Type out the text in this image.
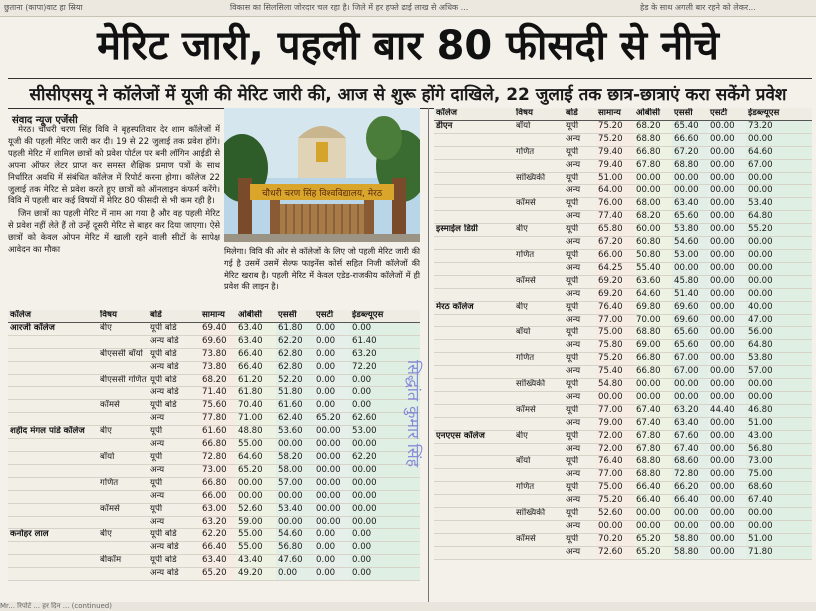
छुताना (कापा)वाट हा स्रिया	विकास का सिलसिला जोरदार चल रहा है। जिले में हर हफ्ते ढाई लाख से अधिक ...	हेड के साथ अगली बार रहने को लेकर...
मेरिट जारी, पहली बार 80 फीसदी से नीचे
सीसीएसयू ने कॉलेजों में यूजी की मेरिट जारी की, आज से शुरू होंगे दाखिले, 22 जुलाई तक छात्र-छात्राएं करा सकेंगे प्रवेश
संवाद न्यूज एजेंसी

मेरठ। चौधरी चरण सिंह विवि ने बृहस्पतिवार देर शाम कॉलेजों में यूजी की पहली मेरिट जारी कर दी। 19 से 22 जुलाई तक प्रवेश होंगे। पहली मेरिट में शामिल छात्रों को प्रवेश पोर्टल पर बनी लॉगिन आईडी से अपना ऑफर लेटर प्राप्त कर समस्त शैक्षिक प्रमाण पत्रों के साथ निर्धारित अवधि में संबंधित कॉलेज में रिपोर्ट करना होगा। कॉलेज 22 जुलाई तक मेरिट से प्रवेश करते हुए छात्रों को ऑनलाइन कंफर्म करेंगे। विवि में पहली बार कई विषयों में मेरिट 80 फीसदी से भी कम रही है।

जिन छात्रों का पहली मेरिट में नाम आ गया है और वह पहली मेरिट से प्रवेश नहीं लेते हैं तो उन्हें दूसरी मेरिट से बाहर कर दिया जाएगा। ऐसे छात्रों को केवल ओपन मेरिट में खाली रहने वाली सीटों के सापेक्ष आवेदन का मौका

चौधरी चरण सिंह विश्वविद्यालय, मेरठ
मिलेगा। विवि की ओर से कॉलेजों के लिए जो पहली मेरिट जारी की गई है उसमें उसमें सेल्फ फाइनेंस कोर्स सहित निजी कॉलेजों की मेरिट खराब है। पहली मेरिट में केवल एडेड-राजकीय कॉलेजों में ही प्रवेश की लाइन है।
कॉलेज	विषय	बोर्ड	सामान्य	ओबीसी	एससी	एसटी	ईडब्ल्यूएस
आरजी कॉलेज	बीए	यूपी बोर्ड	69.40	63.40	61.80	0.00	0.00
		अन्य बोर्ड	69.60	63.40	62.20	0.00	61.40
	बीएससी बॉयो	यूपी बोर्ड	73.80	66.40	62.80	0.00	63.20
		अन्य बोर्ड	73.80	66.40	62.80	0.00	72.20
	बीएससी गणित	यूपी बोर्ड	68.20	61.20	52.20	0.00	0.00
		अन्य बोर्ड	71.40	61.80	51.80	0.00	0.00
	कॉमर्स	यूपी बोर्ड	75.60	70.40	61.60	0.00	0.00
		अन्य	77.80	71.00	62.40	65.20	62.60
शहीद मंगल पांडे कॉलेज	बीए	यूपी	61.60	48.80	53.60	00.00	53.00
		अन्य	66.80	55.00	00.00	00.00	00.00
	बॉयो	यूपी	72.80	64.60	58.20	00.00	62.20
		अन्य	73.00	65.20	58.00	00.00	00.00
	गणित	यूपी	66.80	00.00	57.00	00.00	00.00
		अन्य	66.00	00.00	00.00	00.00	00.00
	कॉमर्स	यूपी	63.00	52.60	53.40	00.00	00.00
		अन्य	63.20	59.00	00.00	00.00	00.00
कनोहर लाल	बीए	यूपी बोर्ड	62.20	55.00	54.60	0.00	0.00
		अन्य बोर्ड	66.40	55.00	56.80	0.00	0.00
	बीकॉम	यूपी बोर्ड	63.40	43.40	47.60	0.00	0.00
		अन्य बोर्ड	65.20	49.20	0.00	0.00	0.00
कॉलेज	विषय	बोर्ड	सामान्य	ओबीसी	एससी	एसटी	ईडब्ल्यूएस
डीएन	बॉयो	यूपी	75.20	68.20	65.40	00.00	73.20
		अन्य	75.20	68.80	66.60	00.00	00.00
	गणित	यूपी	79.40	66.80	67.20	00.00	64.60
		अन्य	79.40	67.80	68.80	00.00	67.00
	सांख्यिकी	यूपी	51.00	00.00	00.00	00.00	00.00
		अन्य	64.00	00.00	00.00	00.00	00.00
	कॉमर्स	यूपी	76.00	68.00	63.40	00.00	53.40
		अन्य	77.40	68.20	65.60	00.00	64.80
इस्माईल डिग्री	बीए	यूपी	65.80	60.00	53.80	00.00	55.20
		अन्य	67.20	60.80	54.60	00.00	00.00
	गणित	यूपी	66.00	50.80	53.00	00.00	00.00
		अन्य	64.25	55.40	00.00	00.00	00.00
	कॉमर्स	यूपी	69.20	63.60	45.80	00.00	00.00
		अन्य	69.20	64.60	51.40	00.00	00.00
मेरठ कॉलेज	बीए	यूपी	76.40	69.80	69.60	00.00	40.00
		अन्य	77.00	70.00	69.60	00.00	47.00
	बॉयो	यूपी	75.00	68.80	65.60	00.00	56.00
		अन्य	75.80	69.00	65.60	00.00	64.80
	गणित	यूपी	75.20	66.80	67.00	00.00	53.80
		अन्य	75.40	66.80	67.00	00.00	57.00
	सांख्यिकी	यूपी	54.80	00.00	00.00	00.00	00.00
		अन्य	00.00	00.00	00.00	00.00	00.00
	कॉमर्स	यूपी	77.00	67.40	63.20	44.40	46.80
		अन्य	79.00	67.40	63.40	00.00	51.00
एनएएस कॉलेज	बीए	यूपी	72.00	67.80	67.60	00.00	43.00
		अन्य	72.00	67.80	67.40	00.00	56.80
	बॉयो	यूपी	76.40	68.80	68.60	00.00	73.00
		अन्य	77.00	68.80	72.80	00.00	75.00
	गणित	यूपी	75.00	66.40	66.20	00.00	68.60
		अन्य	75.20	66.40	66.40	00.00	67.40
	सांख्यिकी	यूपी	52.60	00.00	00.00	00.00	00.00
		अन्य	00.00	00.00	00.00	00.00	00.00
	कॉमर्स	यूपी	70.20	65.20	58.80	00.00	51.00
		अन्य	72.60	65.20	58.80	00.00	71.80
सिद्धांत कुमार सिंह
Mr... रिपोर्ट ... हर दिन ... (continued)
